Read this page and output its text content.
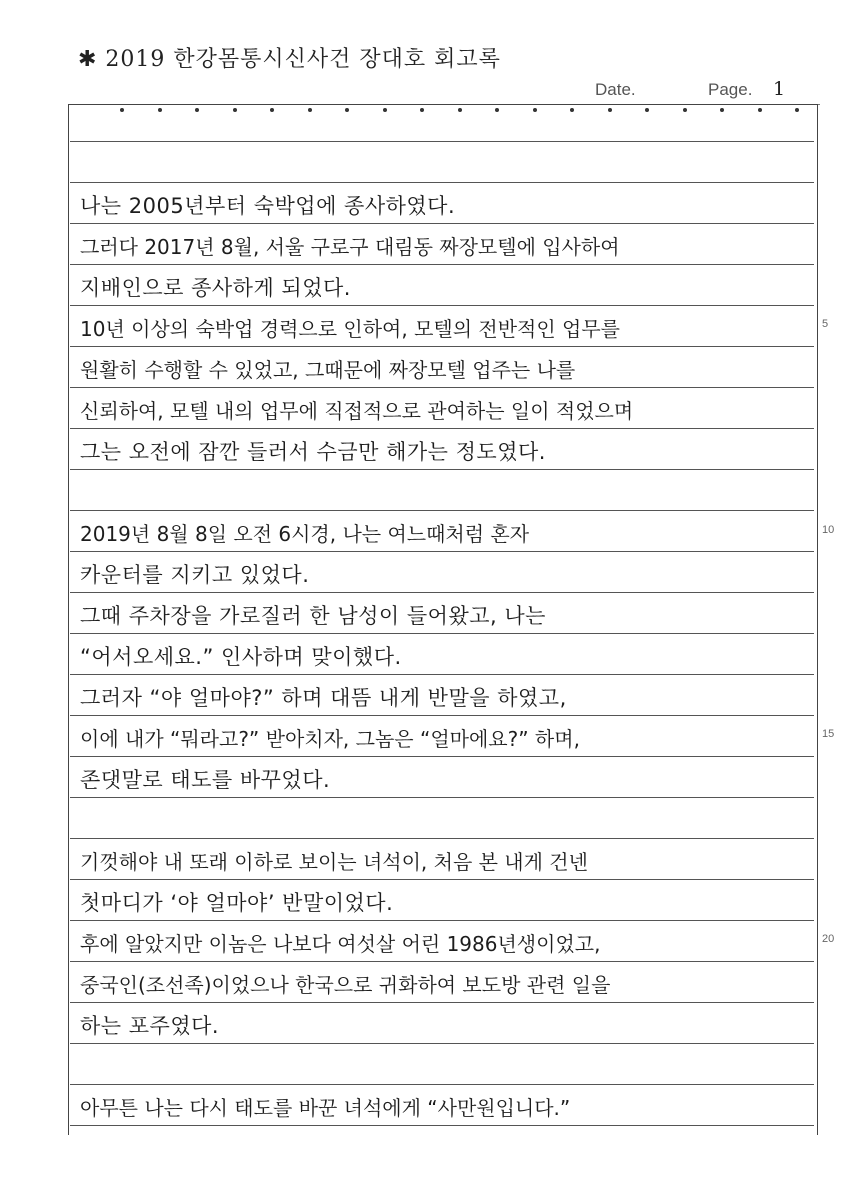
✱ 2019 한강몸통시신사건 장대호 회고록
Date.	Page. 1
나는 2005년부터 숙박업에 종사하였다.
그러다 2017년 8월, 서울 구로구 대림동 짜장모텔에 입사하여
지배인으로 종사하게 되었다.
10년 이상의 숙박업 경력으로 인하여, 모텔의 전반적인 업무를
원활히 수행할 수 있었고, 그때문에 짜장모텔 업주는 나를
신뢰하여, 모텔 내의 업무에 직접적으로 관여하는 일이 적었으며
그는 오전에 잠깐 들러서 수금만 해가는 정도였다.
2019년 8월 8일 오전 6시경, 나는 여느때처럼 혼자
카운터를 지키고 있었다.
그때 주차장을 가로질러 한 남성이 들어왔고, 나는
“어서오세요.” 인사하며 맞이했다.
그러자 “야 얼마야?” 하며 대뜸 내게 반말을 하였고,
이에 내가 “뭐라고?” 받아치자, 그놈은 “얼마에요?” 하며,
존댓말로 태도를 바꾸었다.
기껏해야 내 또래 이하로 보이는 녀석이, 처음 본 내게 건넨
첫마디가 ‘야 얼마야’ 반말이었다.
후에 알았지만 이놈은 나보다 여섯살 어린 1986년생이었고,
중국인(조선족)이었으나 한국으로 귀화하여 보도방 관련 일을
하는 포주였다.
아무튼 나는 다시 태도를 바꾼 녀석에게 “사만원입니다.”
5
10
15
20
